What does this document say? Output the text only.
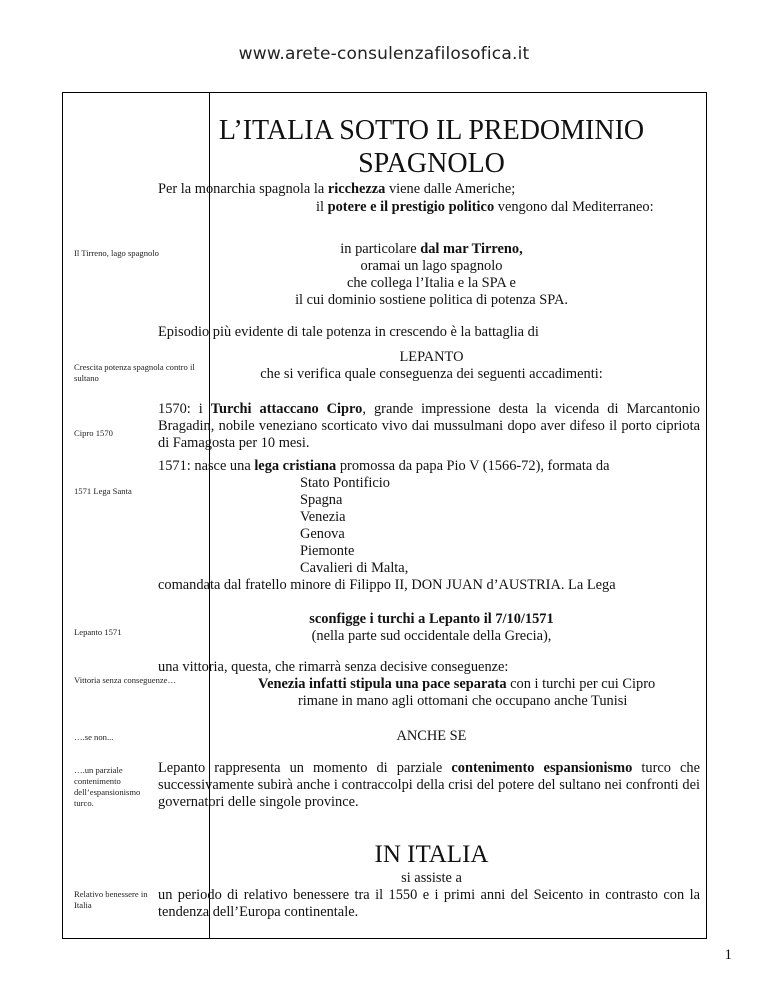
www.arete-consulenzafilosofica.it
Il Tirreno, lago spagnolo
Crescita potenza spagnola contro il sultano
Cipro 1570
1571 Lega Santa
Lepanto 1571
Vittoria senza conseguenze…
….se non...
….un parziale contenimento dell’espansionismo turco.
Relativo benessere in Italia
L’ITALIA SOTTO IL PREDOMINIO SPAGNOLO
Per la monarchia spagnola la ricchezza viene dalle Americhe;
il potere e il prestigio politico vengono dal Mediterraneo:
in particolare dal mar Tirreno,
oramai un lago spagnolo
che collega l’Italia e la SPA e
il cui dominio sostiene politica di potenza SPA.
Episodio più evidente di tale potenza in crescendo è la battaglia di
LEPANTO
che si verifica quale conseguenza dei seguenti accadimenti:
1570: i Turchi attaccano Cipro, grande impressione desta la vicenda di Marcantonio Bragadin, nobile veneziano scorticato vivo dai mussulmani dopo aver difeso il porto cipriota di Famagosta per 10 mesi.
1571: nasce una lega cristiana promossa da papa Pio V (1566-72), formata da
Stato Pontificio
Spagna
Venezia
Genova
Piemonte
Cavalieri di Malta,
comandata dal fratello minore di Filippo II, DON JUAN d’AUSTRIA. La Lega
sconfigge i turchi a Lepanto il 7/10/1571
(nella parte sud occidentale della Grecia),
una vittoria, questa, che rimarrà senza decisive conseguenze:
Venezia infatti stipula una pace separata con i turchi per cui Cipro
rimane in mano agli ottomani che occupano anche Tunisi
ANCHE SE
Lepanto rappresenta un momento di parziale contenimento espansionismo turco che successivamente subirà anche i contraccolpi della crisi del potere del sultano nei confronti dei governatori delle singole province.
IN ITALIA
si assiste a
un periodo di relativo benessere tra il 1550 e i primi anni del Seicento in contrasto con la tendenza dell’Europa continentale.
1
